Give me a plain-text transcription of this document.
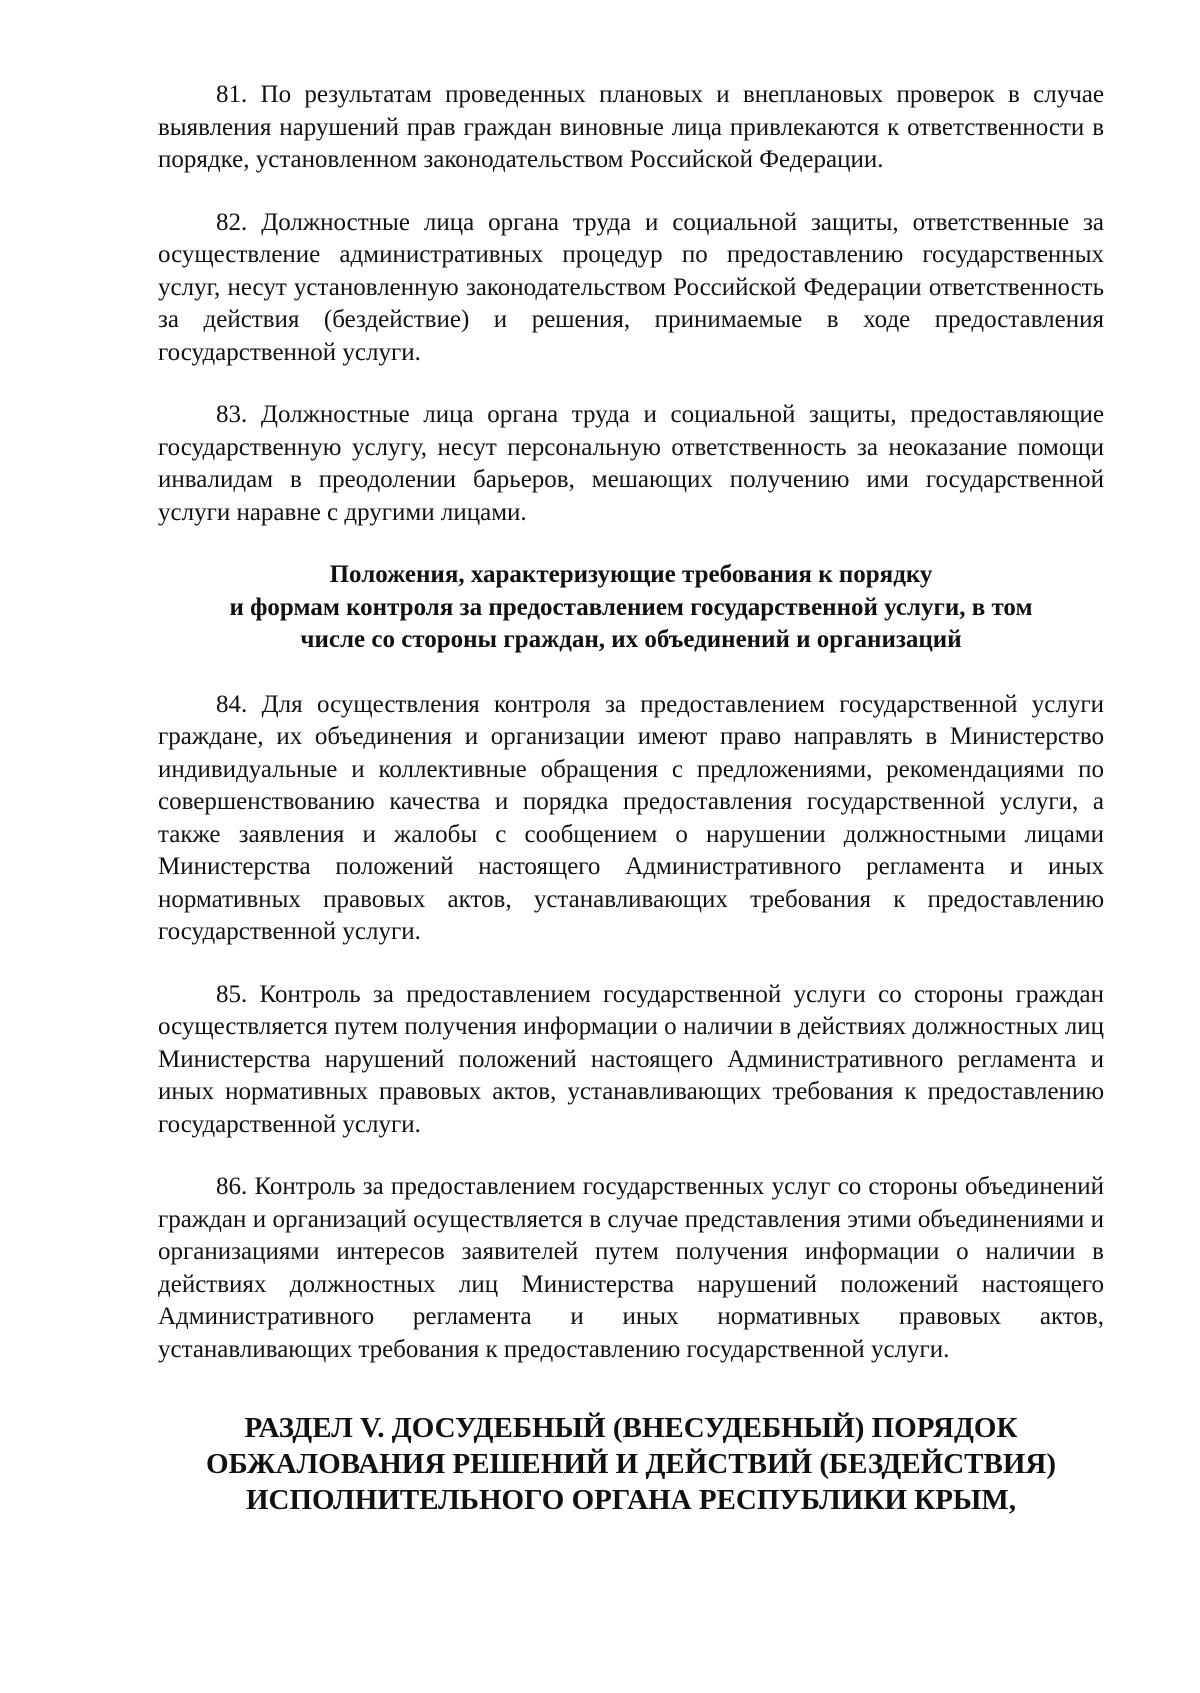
81. По результатам проведенных плановых и внеплановых проверок в случае выявления нарушений прав граждан виновные лица привлекаются к ответственности в порядке, установленном законодательством Российской Федерации.

82. Должностные лица органа труда и социальной защиты, ответственные за осуществление административных процедур по предоставлению государственных услуг, несут установленную законодательством Российской Федерации ответственность за действия (бездействие) и решения, принимаемые в ходе предоставления государственной услуги.

83. Должностные лица органа труда и социальной защиты, предоставляющие государственную услугу, несут персональную ответственность за неоказание помощи инвалидам в преодолении барьеров, мешающих получению ими государственной услуги наравне с другими лицами.

Положения, характеризующие требования к порядку
и формам контроля за предоставлением государственной услуги, в том
числе со стороны граждан, их объединений и организаций

84. Для осуществления контроля за предоставлением государственной услуги граждане, их объединения и организации имеют право направлять в Министерство индивидуальные и коллективные обращения с предложениями, рекомендациями по совершенствованию качества и порядка предоставления государственной услуги, а также заявления и жалобы с сообщением о нарушении должностными лицами Министерства положений настоящего Административного регламента и иных нормативных правовых актов, устанавливающих требования к предоставлению государственной услуги.

85. Контроль за предоставлением государственной услуги со стороны граждан осуществляется путем получения информации о наличии в действиях должностных лиц Министерства нарушений положений настоящего Административного регламента и иных нормативных правовых актов, устанавливающих требования к предоставлению государственной услуги.

86. Контроль за предоставлением государственных услуг со стороны объединений граждан и организаций осуществляется в случае представления этими объединениями и организациями интересов заявителей путем получения информации о наличии в действиях должностных лиц Министерства нарушений положений настоящего Административного регламента и иных нормативных правовых актов, устанавливающих требования к предоставлению государственной услуги.

РАЗДЕЛ V. ДОСУДЕБНЫЙ (ВНЕСУДЕБНЫЙ) ПОРЯДОК
ОБЖАЛОВАНИЯ РЕШЕНИЙ И ДЕЙСТВИЙ (БЕЗДЕЙСТВИЯ)
ИСПОЛНИТЕЛЬНОГО ОРГАНА РЕСПУБЛИКИ КРЫМ,
